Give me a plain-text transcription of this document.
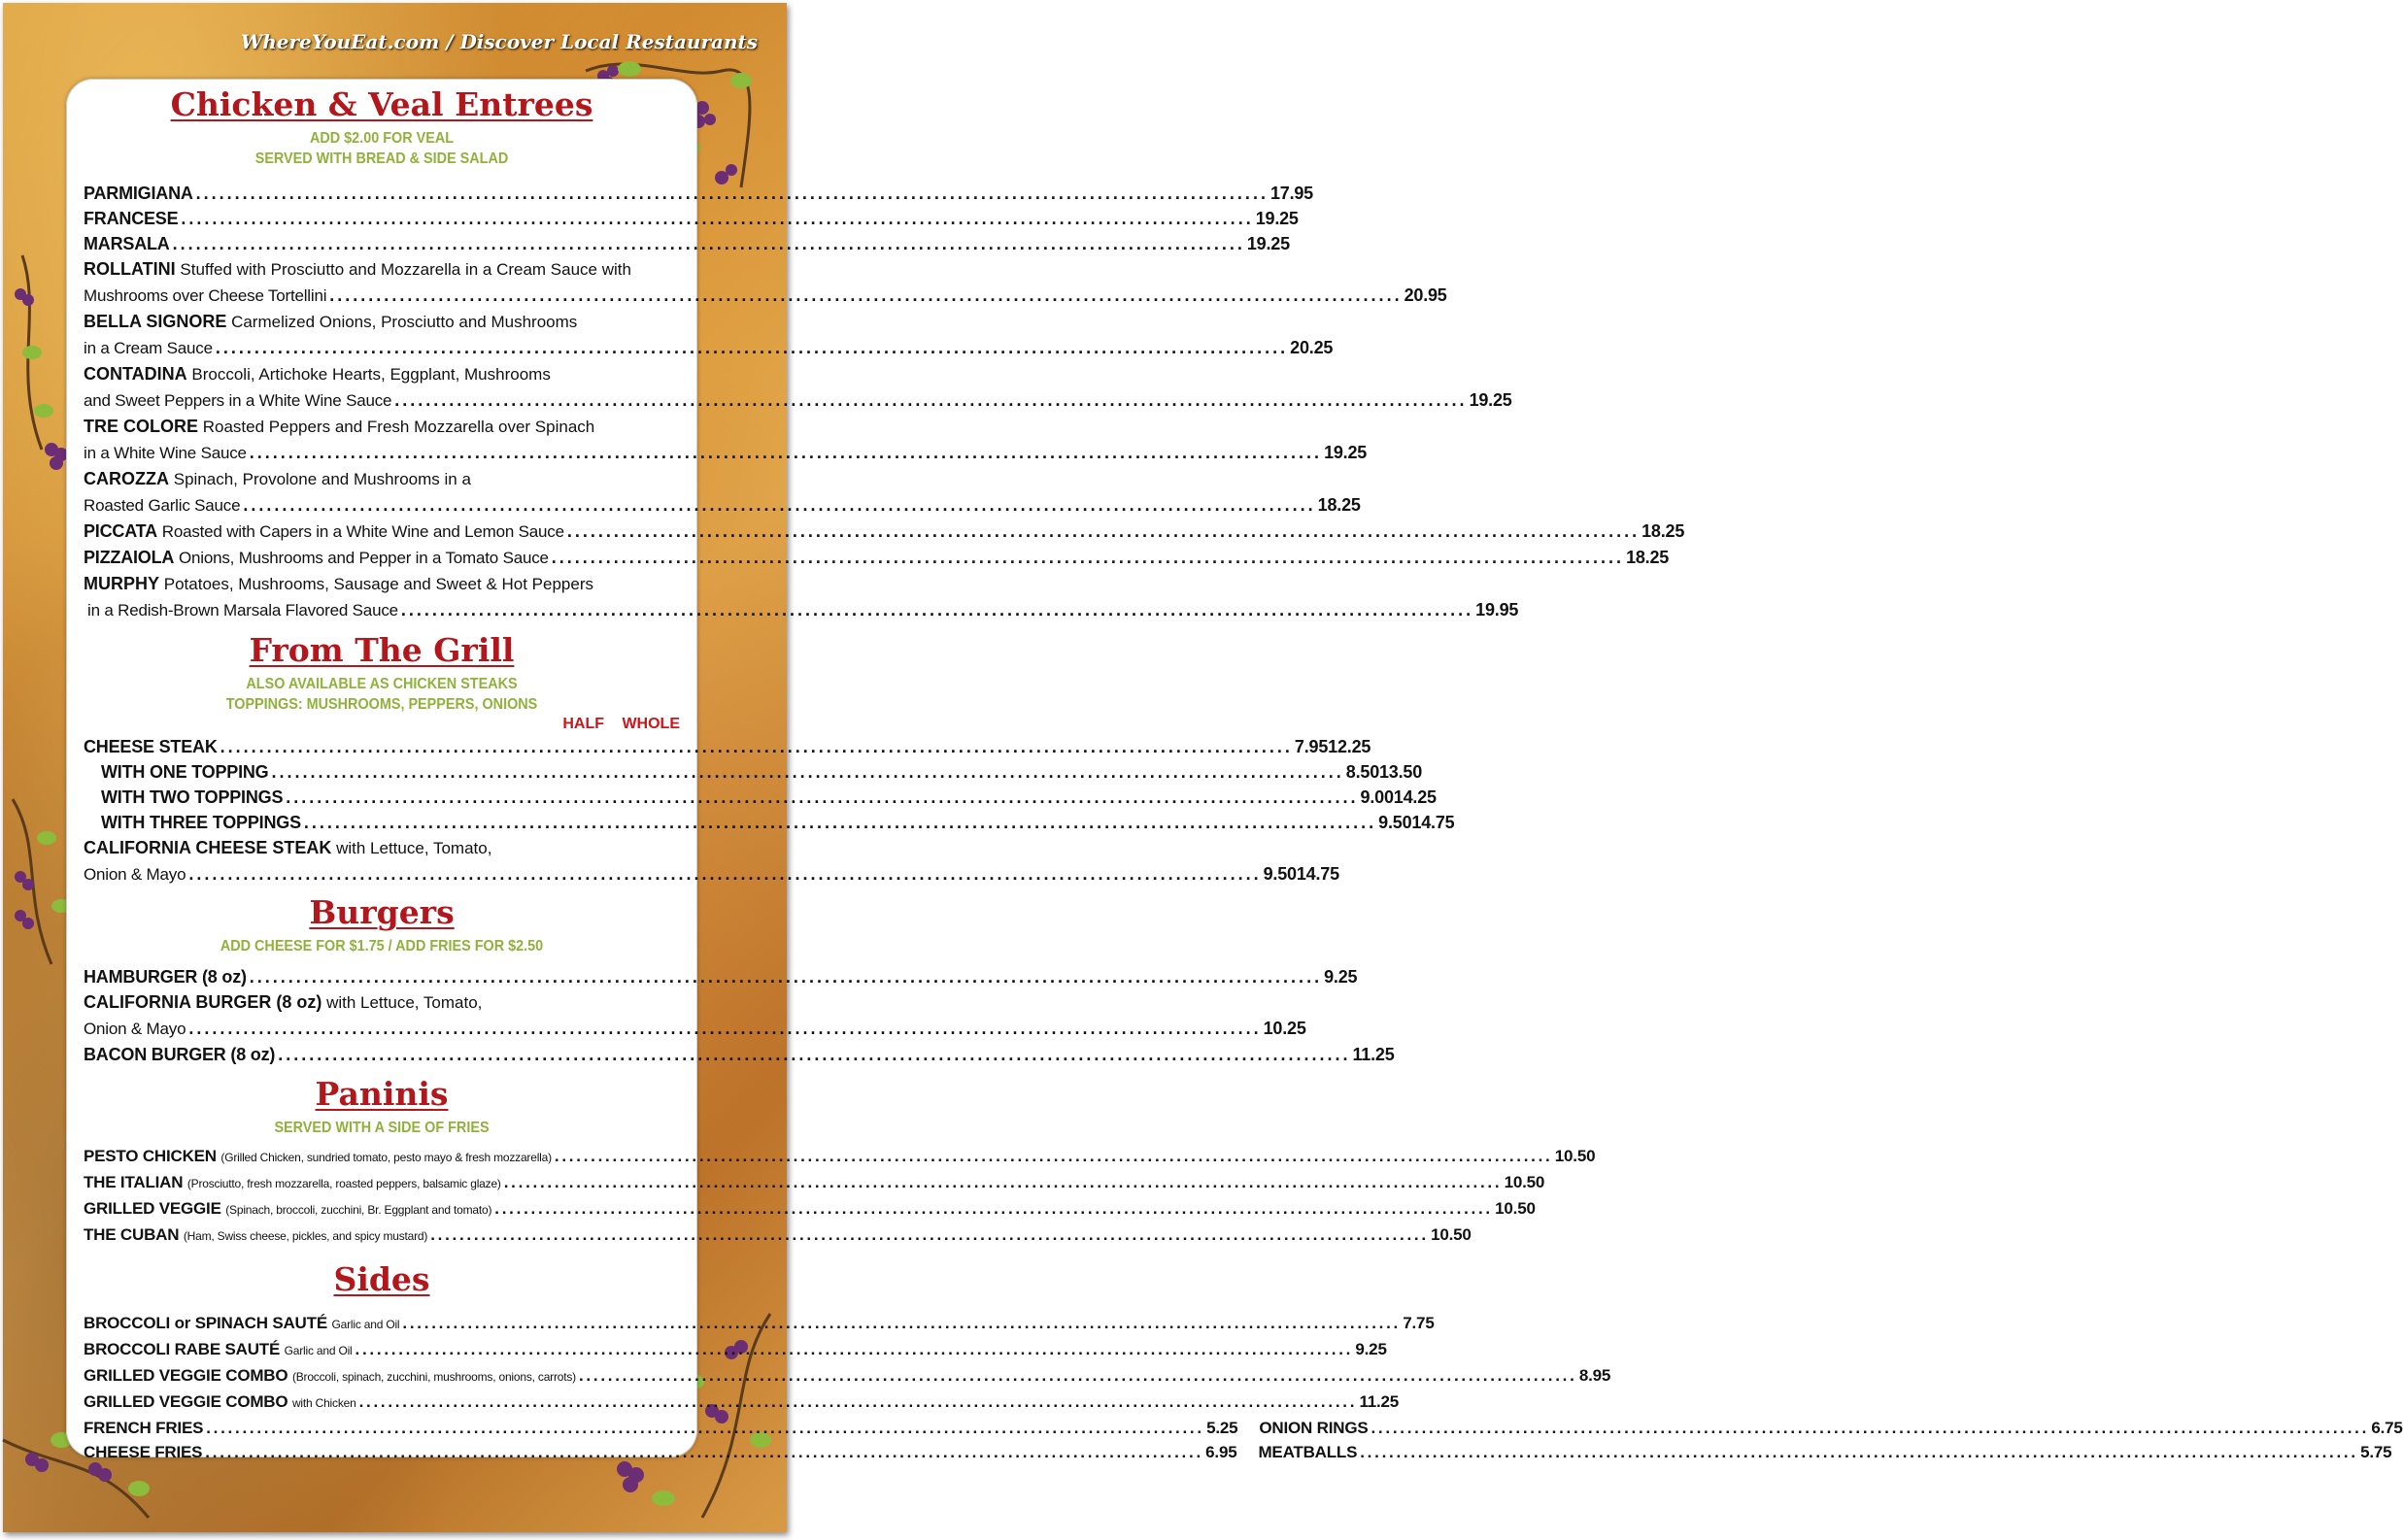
WhereYouEat.com / Discover Local Restaurants
Chicken & Veal Entrees
ADD $2.00 FOR VEAL
SERVED WITH BREAD & SIDE SALAD
PARMIGIANA . . .	17.95
FRANCESE . . .	19.25
MARSALA . . .	19.25
ROLLATINI Stuffed with Prosciutto and Mozzarella in a Cream Sauce with
Mushrooms over Cheese Tortellini . . .	20.95
BELLA SIGNORE Carmelized Onions, Prosciutto and Mushrooms
in a Cream Sauce . . .	20.25
CONTADINA Broccoli, Artichoke Hearts, Eggplant, Mushrooms
and Sweet Peppers in a White Wine Sauce . . .	19.25
TRE COLORE Roasted Peppers and Fresh Mozzarella over Spinach
in a White Wine Sauce . . .	19.25
CAROZZA Spinach, Provolone and Mushrooms in a
Roasted Garlic Sauce . . .	18.25
PICCATA
Roasted with Capers in a White Wine and Lemon Sauce . . .	18.25
PIZZAIOLA
Onions, Mushrooms and Pepper in a Tomato Sauce . . .	18.25
MURPHY Potatoes, Mushrooms, Sausage and Sweet & Hot Peppers
in a Redish-Brown Marsala Flavored Sauce . . .	19.95
From The Grill
ALSO AVAILABLE AS CHICKEN STEAKS
TOPPINGS: MUSHROOMS, PEPPERS, ONIONS
HALF	WHOLE
CHEESE STEAK . . .	7.95 12.25
WITH ONE TOPPING . . .	8.50 13.50
WITH TWO TOPPINGS . . .	9.00 14.25
WITH THREE TOPPINGS . . .	9.50 14.75
CALIFORNIA CHEESE STEAK with Lettuce, Tomato,
Onion & Mayo . . .	9.50 14.75
Burgers
ADD CHEESE FOR $1.75 / ADD FRIES FOR $2.50
HAMBURGER (8 oz) . . .	9.25
CALIFORNIA BURGER (8 oz) with Lettuce, Tomato,
Onion & Mayo . . .	10.25
BACON BURGER (8 oz) . . .	11.25
Paninis
SERVED WITH A SIDE OF FRIES
PESTO CHICKEN
(Grilled Chicken, sundried tomato, pesto mayo & fresh mozzarella) . . .	10.50
THE ITALIAN
(Prosciutto, fresh mozzarella, roasted peppers, balsamic glaze) . . .	10.50
GRILLED VEGGIE
(Spinach, broccoli, zucchini, Br. Eggplant and tomato) . . .	10.50
THE CUBAN
(Ham, Swiss cheese, pickles, and spicy mustard) . . .	10.50
Sides
BROCCOLI or SPINACH SAUTÉ
Garlic and Oil . . .	7.75
BROCCOLI RABE SAUTÉ
Garlic and Oil . . .	9.25
GRILLED VEGGIE COMBO
(Broccoli, spinach, zucchini, mushrooms, onions, carrots) . . .	8.95
GRILLED VEGGIE COMBO
with Chicken . . .	11.25
FRENCH FRIES . . .	5.25 ONION RINGS . . .	6.75
CHEESE FRIES . . .	6.95 MEATBALLS . . .	5.75
